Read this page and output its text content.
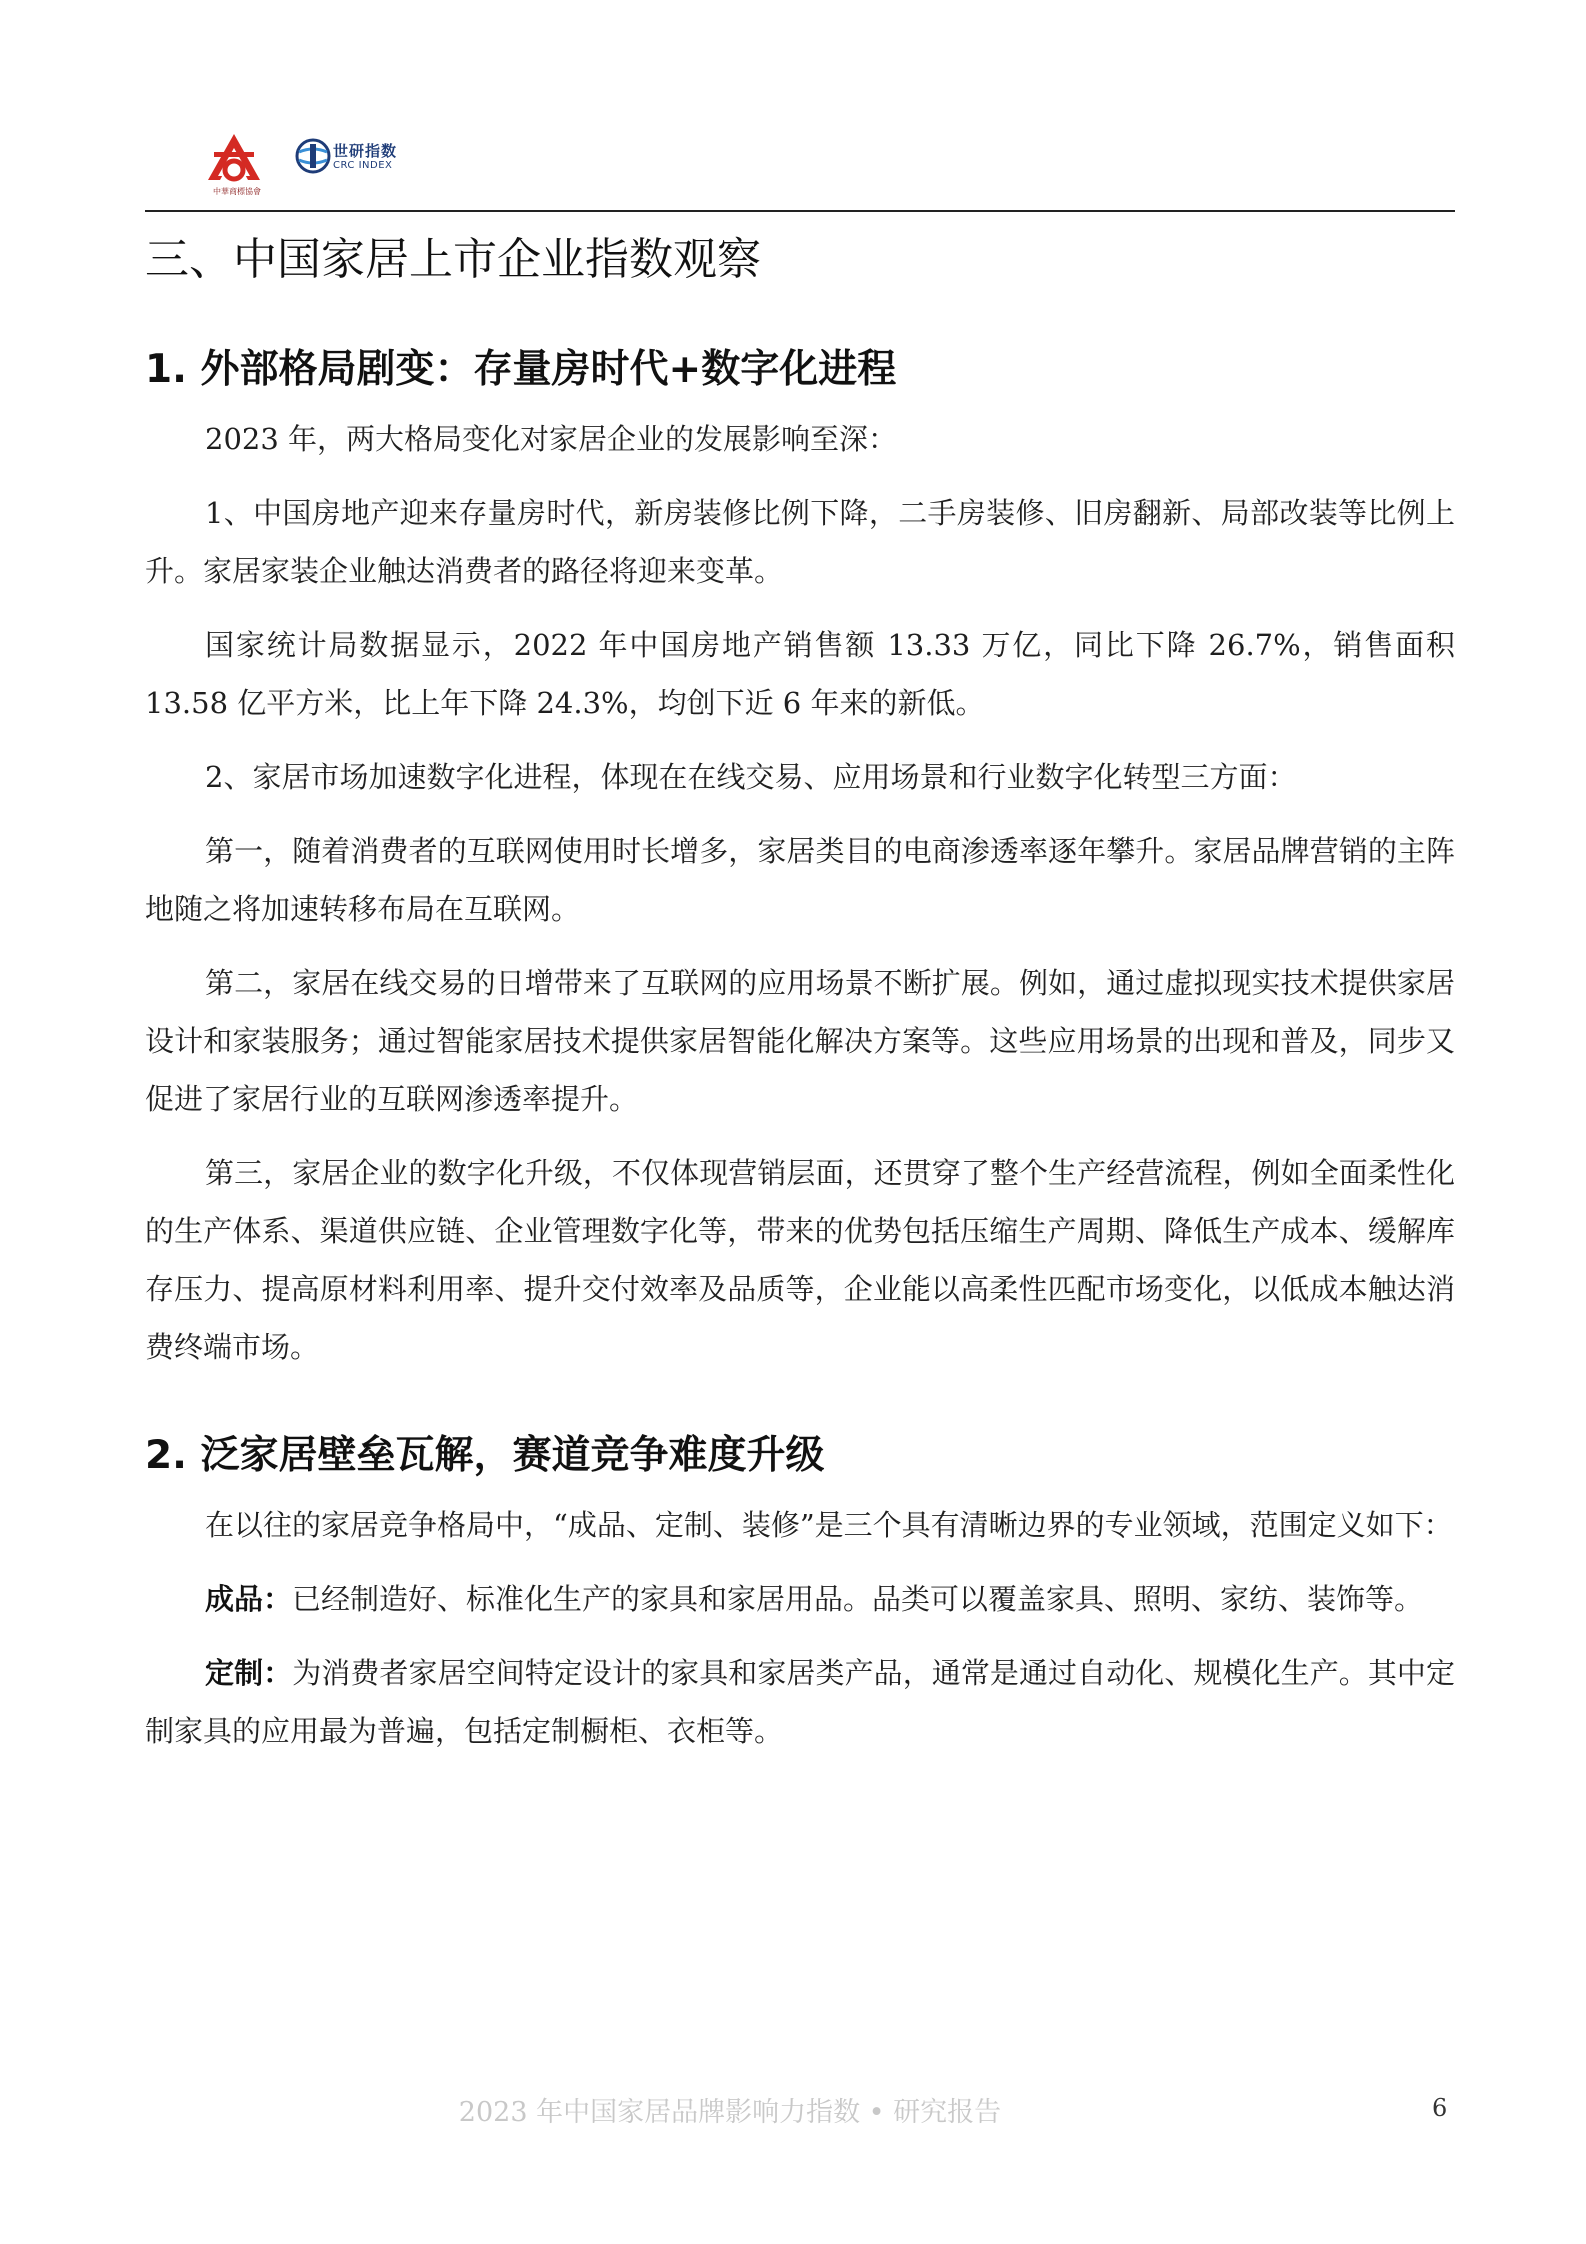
中華商標協會
世研指数
CRC INDEX
三、中国家居上市企业指数观察
1. 外部格局剧变：存量房时代+数字化进程

2023 年，两大格局变化对家居企业的发展影响至深：

1、中国房地产迎来存量房时代，新房装修比例下降，二手房装修、旧房翻新、局部改装等比例上升。家居家装企业触达消费者的路径将迎来变革。

国家统计局数据显示，2022 年中国房地产销售额 13.33 万亿，同比下降 26.7%，销售面积 13.58 亿平方米，比上年下降 24.3%，均创下近 6 年来的新低。

2、家居市场加速数字化进程，体现在在线交易、应用场景和行业数字化转型三方面：

第一，随着消费者的互联网使用时长增多，家居类目的电商渗透率逐年攀升。家居品牌营销的主阵地随之将加速转移布局在互联网。

第二，家居在线交易的日增带来了互联网的应用场景不断扩展。例如，通过虚拟现实技术提供家居设计和家装服务；通过智能家居技术提供家居智能化解决方案等。这些应用场景的出现和普及，同步又促进了家居行业的互联网渗透率提升。

第三，家居企业的数字化升级，不仅体现营销层面，还贯穿了整个生产经营流程，例如全面柔性化的生产体系、渠道供应链、企业管理数字化等，带来的优势包括压缩生产周期、降低生产成本、缓解库存压力、提高原材料利用率、提升交付效率及品质等，企业能以高柔性匹配市场变化，以低成本触达消费终端市场。

2. 泛家居壁垒瓦解，赛道竞争难度升级

在以往的家居竞争格局中，“成品、定制、装修”是三个具有清晰边界的专业领域，范围定义如下：

成品：已经制造好、标准化生产的家具和家居用品。品类可以覆盖家具、照明、家纺、装饰等。

定制：为消费者家居空间特定设计的家具和家居类产品，通常是通过自动化、规模化生产。其中定制家具的应用最为普遍，包括定制橱柜、衣柜等。

2023 年中国家居品牌影响力指数 • 研究报告	6
